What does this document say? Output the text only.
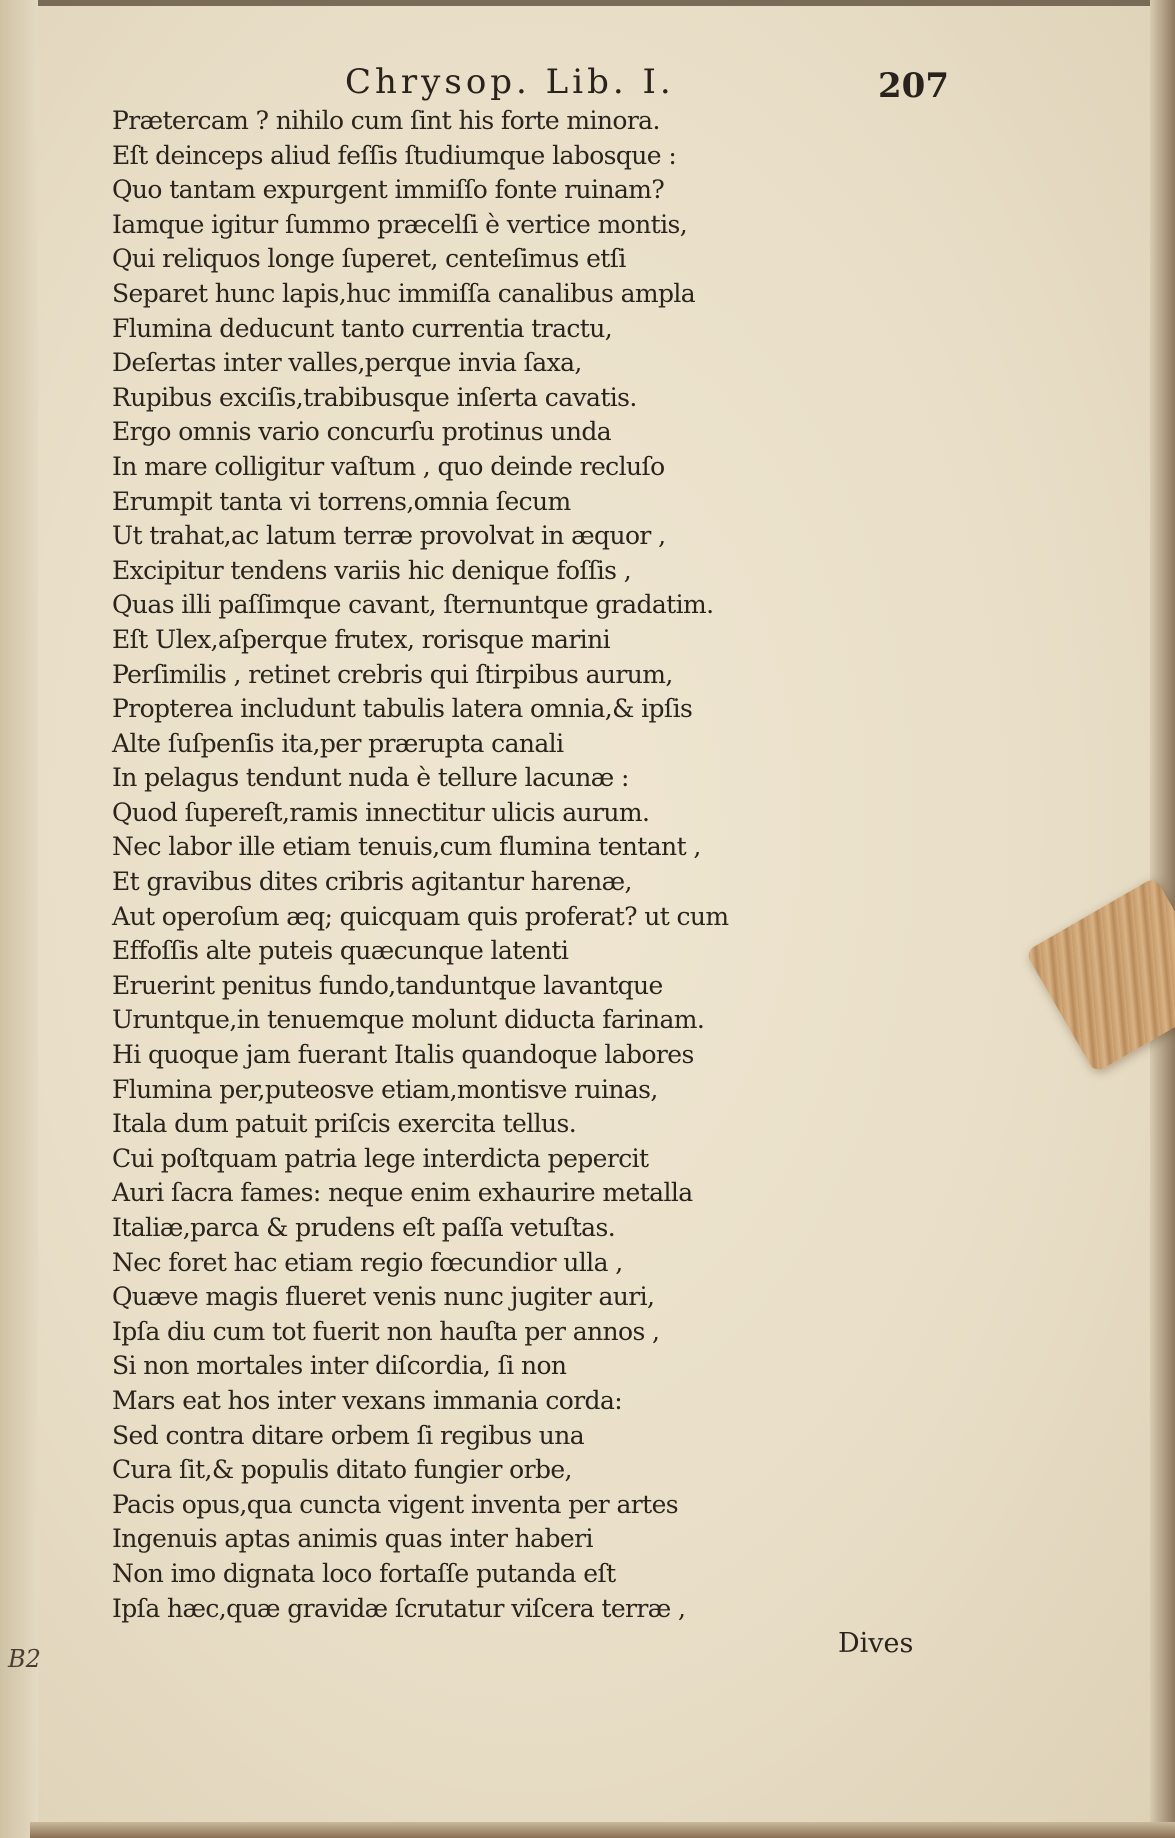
Chrysop. Lib. I.	207
Prætercam ? nihilo cum ſint his forte minora.
Eſt deinceps aliud feſſis ſtudiumque labosque :
Quo tantam expurgent immiſſo fonte ruinam?
Iamque igitur ſummo præcelſi è vertice montis,
Qui reliquos longe ſuperet, centeſimus etſi
Separet hunc lapis,huc immiſſa canalibus ampla
Flumina deducunt tanto currentia tractu,
Deſertas inter valles,perque invia ſaxa,
Rupibus exciſis,trabibusque inſerta cavatis.
Ergo omnis vario concurſu protinus unda
In mare colligitur vaſtum , quo deinde recluſo
Erumpit tanta vi torrens,omnia ſecum
Ut trahat,ac latum terræ provolvat in æquor ,
Excipitur tendens variis hic denique foſſis ,
Quas illi paſſimque cavant, ſternuntque gradatim.
Eſt Ulex,aſperque frutex, rorisque marini
Perſimilis , retinet crebris qui ſtirpibus aurum,
Propterea includunt tabulis latera omnia,& ipſis
Alte ſuſpenſis ita,per prærupta canali
In pelagus tendunt nuda è tellure lacunæ :
Quod ſupereſt,ramis innectitur ulicis aurum.
Nec labor ille etiam tenuis,cum flumina tentant ,
Et gravibus dites cribris agitantur harenæ,
Aut operoſum æq; quicquam quis proferat? ut cum
Effoſſis alte puteis quæcunque latenti
Eruerint penitus fundo,tanduntque lavantque
Uruntque,in tenuemque molunt diducta farinam.
Hi quoque jam fuerant Italis quandoque labores
Flumina per,puteosve etiam,montisve ruinas,
Itala dum patuit priſcis exercita tellus.
Cui poſtquam patria lege interdicta pepercit
Auri ſacra fames: neque enim exhaurire metalla
Italiæ,parca & prudens eſt paſſa vetuſtas.
Nec foret hac etiam regio fœcundior ulla ,
Quæve magis flueret venis nunc jugiter auri,
Ipſa diu cum tot fuerit non hauſta per annos ,
Si non mortales inter diſcordia, ſi non
Mars eat hos inter vexans immania corda:
Sed contra ditare orbem ſi regibus una
Cura ſit,& populis ditato fungier orbe,
Pacis opus,qua cuncta vigent inventa per artes
Ingenuis aptas animis quas inter haberi
Non imo dignata loco fortaſſe putanda eſt
Ipſa hæc,quæ gravidæ ſcrutatur viſcera terræ ,
Dives
B2
